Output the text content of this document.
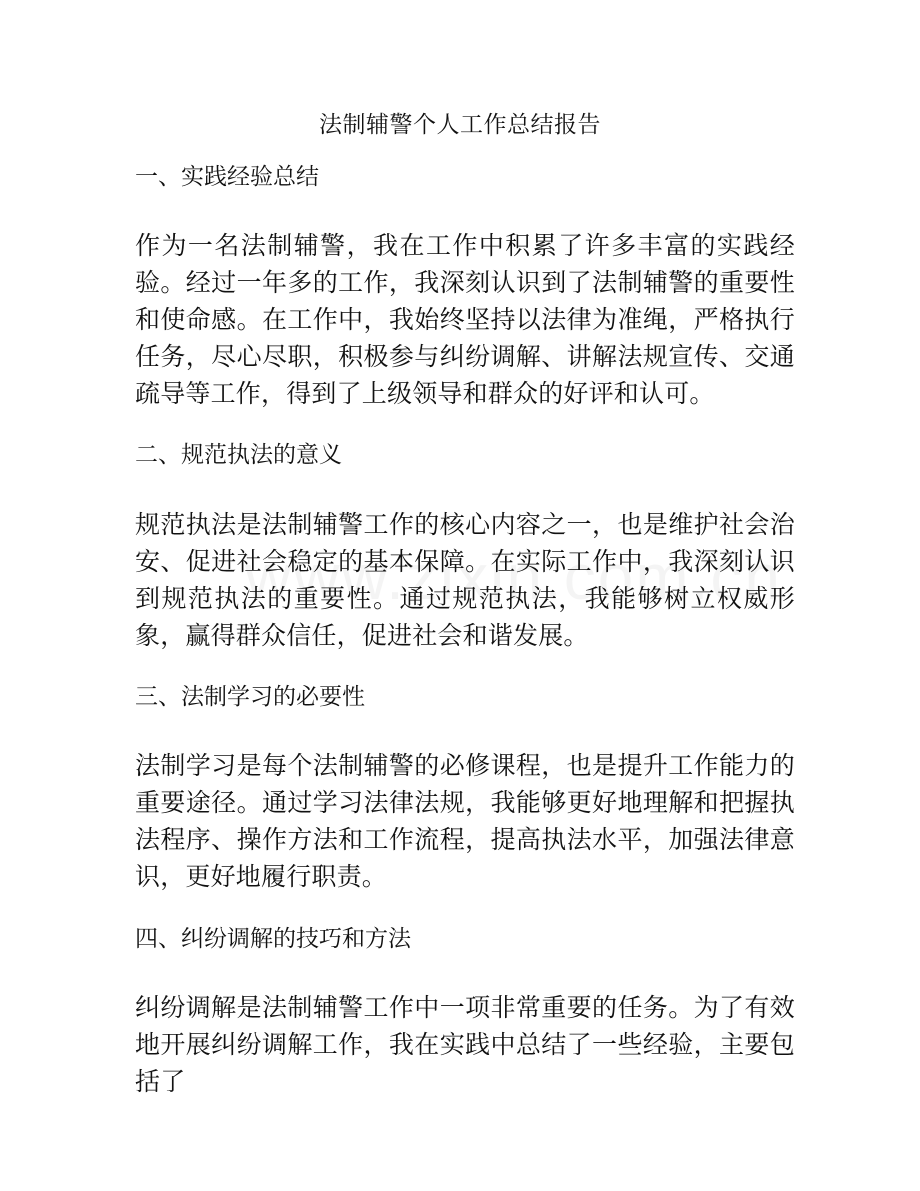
法制辅警个人工作总结报告
一、实践经验总结
作为一名法制辅警，我在工作中积累了许多丰富的实践经验。经过一年多的工作，我深刻认识到了法制辅警的重要性和使命感。在工作中，我始终坚持以法律为准绳，严格执行任务，尽心尽职，积极参与纠纷调解、讲解法规宣传、交通疏导等工作，得到了上级领导和群众的好评和认可。
二、规范执法的意义
规范执法是法制辅警工作的核心内容之一，也是维护社会治安、促进社会稳定的基本保障。在实际工作中，我深刻认识到规范执法的重要性。通过规范执法，我能够树立权威形象，赢得群众信任，促进社会和谐发展。
三、法制学习的必要性
法制学习是每个法制辅警的必修课程，也是提升工作能力的重要途径。通过学习法律法规，我能够更好地理解和把握执法程序、操作方法和工作流程，提高执法水平，加强法律意识，更好地履行职责。
四、纠纷调解的技巧和方法
纠纷调解是法制辅警工作中一项非常重要的任务。为了有效地开展纠纷调解工作，我在实践中总结了一些经验，主要包括了
